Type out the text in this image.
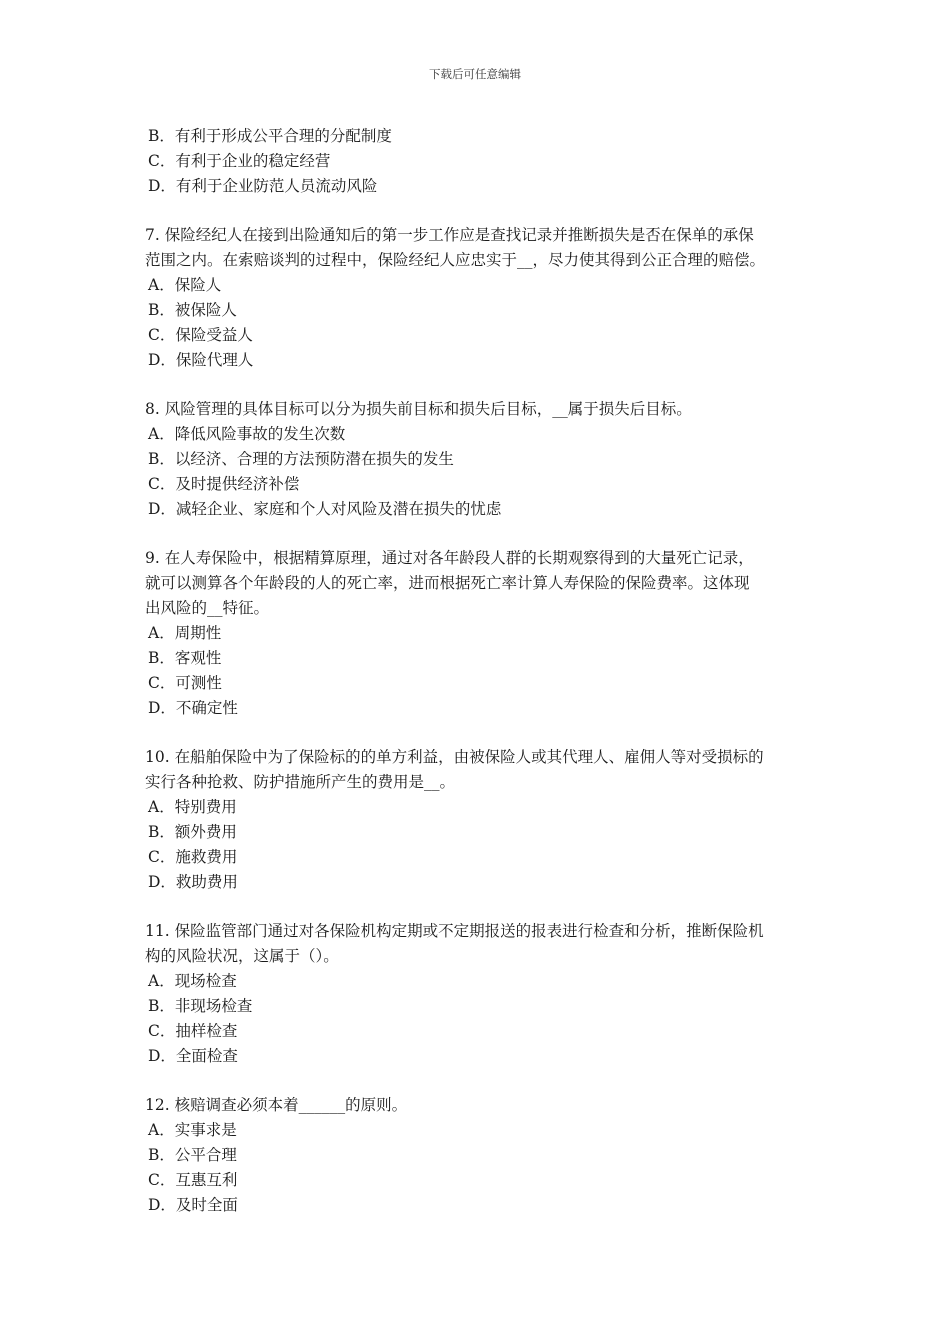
下载后可任意编辑
B．有利于形成公平合理的分配制度
C．有利于企业的稳定经营
D．有利于企业防范人员流动风险
7. 保险经纪人在接到出险通知后的第一步工作应是查找记录并推断损失是否在保单的承保
范围之内。在索赔谈判的过程中，保险经纪人应忠实于__，尽力使其得到公正合理的赔偿。
A．保险人
B．被保险人
C．保险受益人
D．保险代理人
8. 风险管理的具体目标可以分为损失前目标和损失后目标，__属于损失后目标。
A．降低风险事故的发生次数
B．以经济、合理的方法预防潜在损失的发生
C．及时提供经济补偿
D．减轻企业、家庭和个人对风险及潜在损失的忧虑
9. 在人寿保险中，根据精算原理，通过对各年龄段人群的长期观察得到的大量死亡记录，
就可以测算各个年龄段的人的死亡率，进而根据死亡率计算人寿保险的保险费率。这体现
出风险的__特征。
A．周期性
B．客观性
C．可测性
D．不确定性
10. 在船舶保险中为了保险标的的单方利益，由被保险人或其代理人、雇佣人等对受损标的
实行各种抢救、防护措施所产生的费用是__。
A．特别费用
B．额外费用
C．施救费用
D．救助费用
11. 保险监管部门通过对各保险机构定期或不定期报送的报表进行检查和分析，推断保险机
构的风险状况，这属于（）。
A．现场检查
B．非现场检查
C．抽样检查
D．全面检查
12. 核赔调查必须本着______的原则。
A．实事求是
B．公平合理
C．互惠互利
D．及时全面
